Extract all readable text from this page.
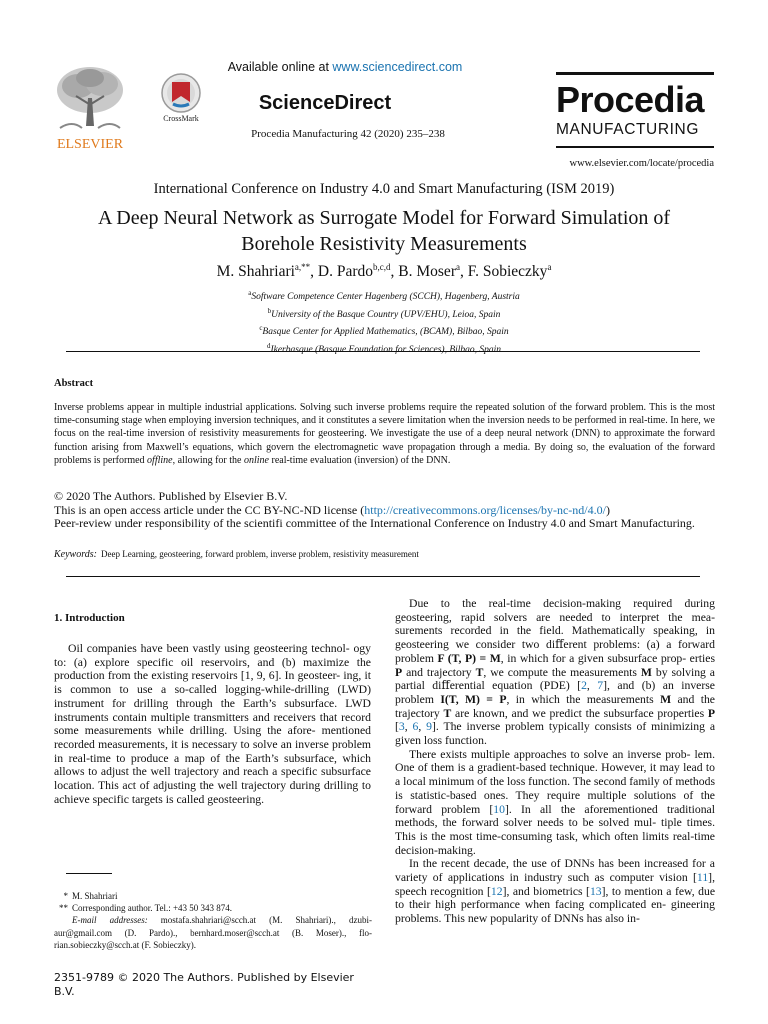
ELSEVIER
CrossMark
Available online at www.sciencedirect.com
ScienceDirect
Procedia Manufacturing 42 (2020) 235–238
Procedia
MANUFACTURING
www.elsevier.com/locate/procedia
International Conference on Industry 4.0 and Smart Manufacturing (ISM 2019)
A Deep Neural Network as Surrogate Model for Forward Simulation of
Borehole Resistivity Measurements
M. Shahriari$^{a,**}$, D. Pardo$^{b,c,d}$, B. Moser$^a$, F. Sobieczky$^a$
$^a$Software Competence Center Hagenberg (SCCH), Hagenberg, Austria
$^b$University of the Basque Country (UPV/EHU), Leioa, Spain
$^c$Basque Center for Applied Mathematics, (BCAM), Bilbao, Spain
$^d$
Abstract
Inverse problems appear in multiple industrial applications. Solving such inverse problems require the repeated solution of the forward problem. This is the most time-consuming stage when employing inversion techniques, and it constitutes a severe limitation when the inversion needs to be performed in real-time. In here, we focus on the real-time inversion of resistivity measurements for geosteering. We investigate the use of a deep neural network (DNN) to approximate the forward function arising from Maxwell’s equations, which govern the electromagnetic wave propagation through a media. By doing so, the evaluation of the forward problems is performed offline, allowing for the online real-time evaluation (inversion) of the DNN.
© 2020 The Authors. Published by Elsevier B.V.
This is an open access article under the CC BY-NC-ND license (http://creativecommons.org/licenses/by-nc-nd/4.0/)
Peer-review under responsibility of the scientifi committee of the International Conference on Industry 4.0 and Smart Manufacturing.
Keywords: Deep Learning, geosteering, forward problem, inverse problem, resistivity measurement
1. Introduction

Oil companies have been vastly using geosteering technol- ogy to: (a) explore specific oil reservoirs, and (b) maximize the production from the existing reservoirs [1, 9, 6]. In geosteer- ing, it is common to use a so-called logging-while-drilling (LWD) instrument for drilling through the Earth’s subsurface. LWD instruments contain multiple transmitters and receivers that record some measurements while drilling. Using the afore- mentioned recorded measurements, it is necessary to solve an inverse problem in real-time to produce a map of the Earth’s subsurface, which allows to adjust the well trajectory and reach a specific subsurface location. This act of adjusting the well trajectory during drilling to achieve specific targets is called geosteering.

* M. Shahriari
** Corresponding author. Tel.: +43 50 343 874.
E-mail addresses: mostafa.shahriari@scch.at (M. Shahriari)., dzubi- aur@gmail.com (D. Pardo)., bernhard.moser@scch.at (B. Moser)., flo- rian.sobieczky@scch.at (F. Sobieczky).
2351-9789 © 2020 The Authors. Published by Elsevier B.V.

Due to the real-time decision-making required during geosteering, rapid solvers are needed to interpret the mea- surements recorded in the field. Mathematically speaking, in geosteering we consider two diﬀerent problems: (a) a forward problem F (T, P) = M, in which for a given subsurface prop- erties P and trajectory T, we compute the measurements M by solving a partial diﬀerential equation (PDE) [2, 7], and (b) an inverse problem I(T, M) = P, in which the measurements M and the trajectory T are known, and we predict the subsurface properties P [3, 6, 9]. The inverse problem typically consists of minimizing a given loss function.

There exists multiple approaches to solve an inverse prob- lem. One of them is a gradient-based technique. However, it may lead to a local minimum of the loss function. The second family of methods is statistic-based ones. They require multiple solutions of the forward problem [10]. In all the aforementioned traditional methods, the forward solver needs to be solved mul- tiple times. This is the most time-consuming task, which often limits real-time decision-making.

In the recent decade, the use of DNNs has been increased for a variety of applications in industry such as computer vision [11], speech recognition [12], and biometrics [13], to mention a few, due to their high performance when facing complicated en- gineering problems. This new popularity of DNNs has also in-
